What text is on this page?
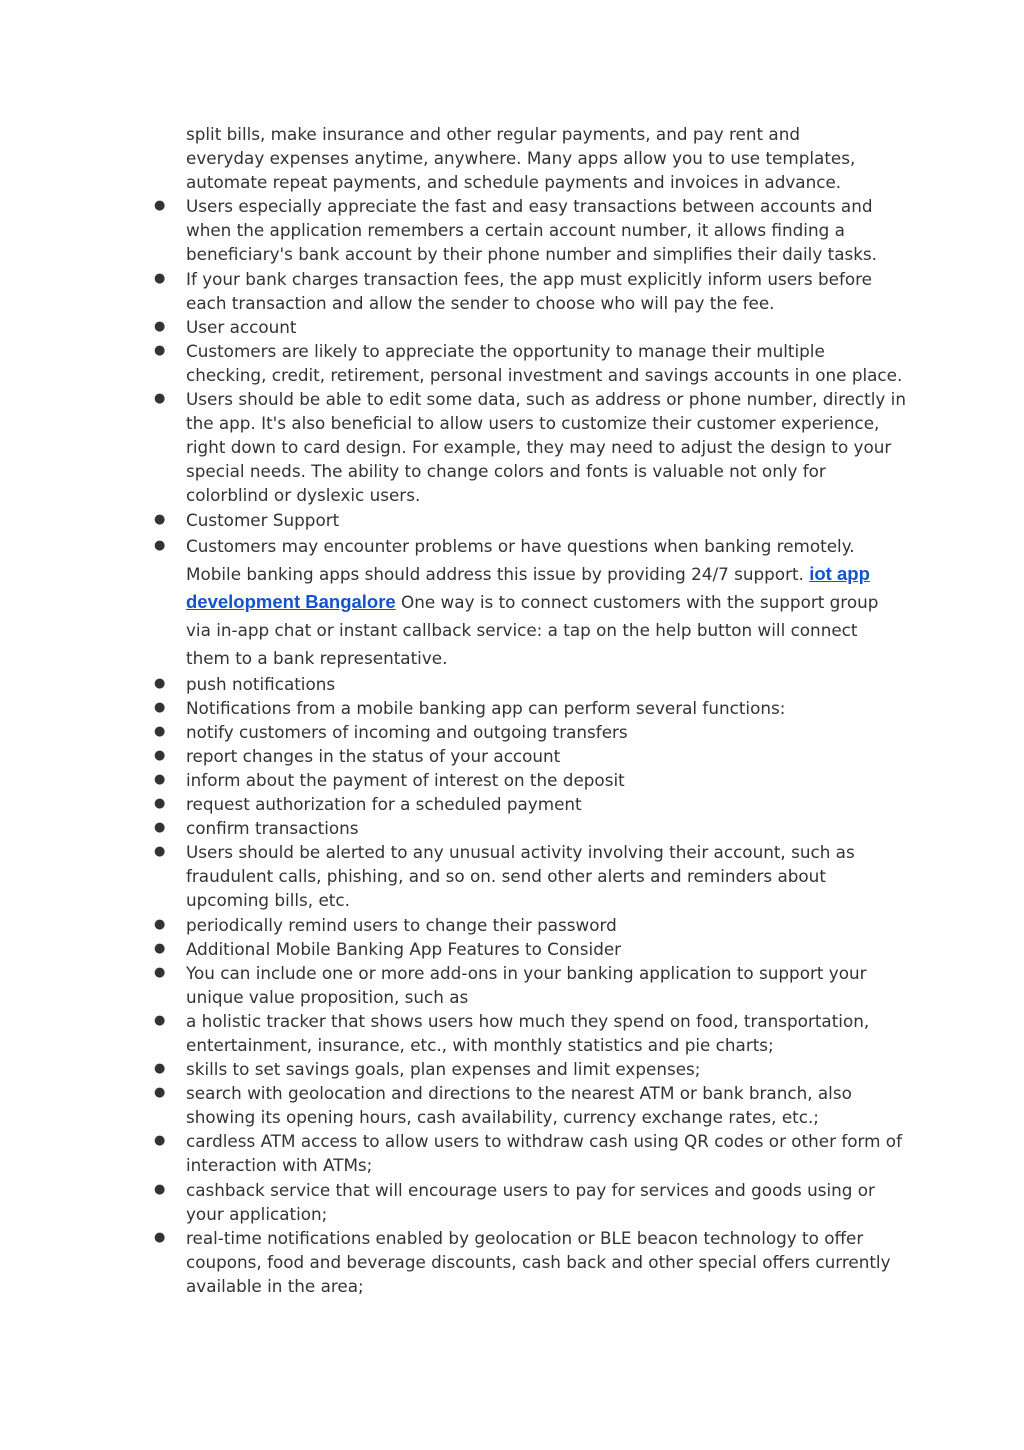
split bills, make insurance and other regular payments, and pay rent and
everyday expenses anytime, anywhere. Many apps allow you to use templates,
automate repeat payments, and schedule payments and invoices in advance.

● Users especially appreciate the fast and easy transactions between accounts and when the application remembers a certain account number, it allows finding a beneficiary's bank account by their phone number and simplifies their daily tasks.
● If your bank charges transaction fees, the app must explicitly inform users before each transaction and allow the sender to choose who will pay the fee.
● User account
● Customers are likely to appreciate the opportunity to manage their multiple checking, credit, retirement, personal investment and savings accounts in one place.
● Users should be able to edit some data, such as address or phone number, directly in the app. It's also beneficial to allow users to customize their customer experience, right down to card design. For example, they may need to adjust the design to your special needs. The ability to change colors and fonts is valuable not only for colorblind or dyslexic users.
● Customer Support
● Customers may encounter problems or have questions when banking remotely. Mobile banking apps should address this issue by providing 24/7 support. iot app development Bangalore One way is to connect customers with the support group via in-app chat or instant callback service: a tap on the help button will connect them to a bank representative.
● push notifications
● Notifications from a mobile banking app can perform several functions:
● notify customers of incoming and outgoing transfers
● report changes in the status of your account
● inform about the payment of interest on the deposit
● request authorization for a scheduled payment
● confirm transactions
● Users should be alerted to any unusual activity involving their account, such as fraudulent calls, phishing, and so on. send other alerts and reminders about upcoming bills, etc.
● periodically remind users to change their password
● Additional Mobile Banking App Features to Consider
● You can include one or more add-ons in your banking application to support your unique value proposition, such as
● a holistic tracker that shows users how much they spend on food, transportation, entertainment, insurance, etc., with monthly statistics and pie charts;
● skills to set savings goals, plan expenses and limit expenses;
● search with geolocation and directions to the nearest ATM or bank branch, also showing its opening hours, cash availability, currency exchange rates, etc.;
● cardless ATM access to allow users to withdraw cash using QR codes or other form of interaction with ATMs;
● cashback service that will encourage users to pay for services and goods using or your application;
● real-time notifications enabled by geolocation or BLE beacon technology to offer coupons, food and beverage discounts, cash back and other special offers currently available in the area;
